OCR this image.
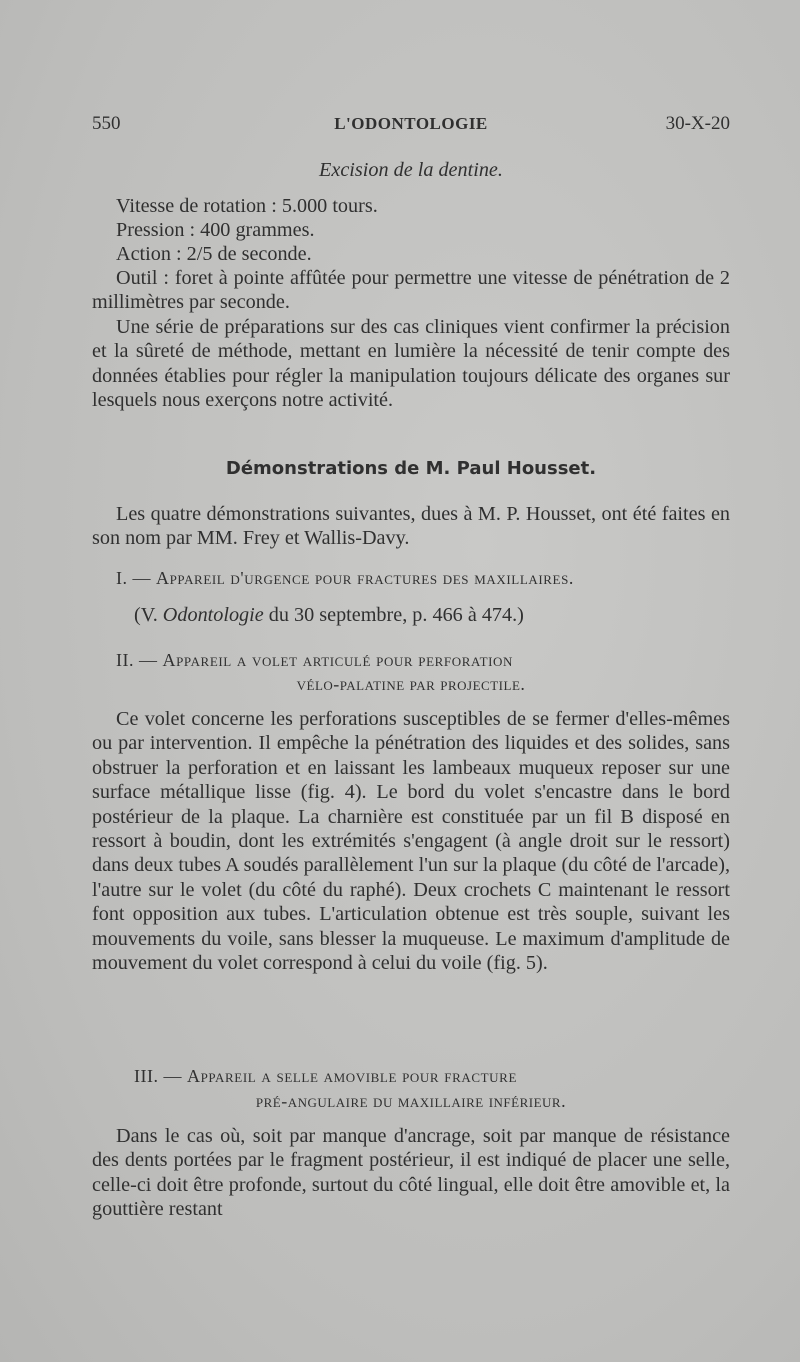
550	L'ODONTOLOGIE	30-X-20
Excision de la dentine.
Vitesse de rotation : 5.000 tours.
Pression : 400 grammes.
Action : 2/5 de seconde.
Outil : foret à pointe affûtée pour permettre une vitesse de pénétration de 2 millimètres par seconde.
Une série de préparations sur des cas cliniques vient confirmer la précision et la sûreté de méthode, mettant en lumière la nécessité de tenir compte des données établies pour régler la manipulation toujours délicate des organes sur lesquels nous exerçons notre activité.
Démonstrations de M. Paul Housset.
Les quatre démonstrations suivantes, dues à M. P. Housset, ont été faites en son nom par MM. Frey et Wallis-Davy.
I. — Appareil d'urgence pour fractures des maxillaires.
(V. Odontologie du 30 septembre, p. 466 à 474.)
II. — Appareil a volet articulé pour perforation
vélo-palatine par projectile.
Ce volet concerne les perforations susceptibles de se fermer d'elles-mêmes ou par intervention. Il empêche la pénétration des liquides et des solides, sans obstruer la perforation et en laissant les lambeaux muqueux reposer sur une surface métallique lisse (fig. 4). Le bord du volet s'encastre dans le bord postérieur de la plaque. La charnière est constituée par un fil B disposé en ressort à boudin, dont les extrémités s'engagent (à angle droit sur le ressort) dans deux tubes A soudés parallèlement l'un sur la plaque (du côté de l'arcade), l'autre sur le volet (du côté du raphé). Deux crochets C maintenant le ressort font opposition aux tubes. L'articulation obtenue est très souple, suivant les mouvements du voile, sans blesser la muqueuse. Le maximum d'amplitude de mouvement du volet correspond à celui du voile (fig. 5).
III. — Appareil a selle amovible pour fracture
pré-angulaire du maxillaire inférieur.
Dans le cas où, soit par manque d'ancrage, soit par manque de résistance des dents portées par le fragment postérieur, il est indiqué de placer une selle, celle-ci doit être profonde, surtout du côté lingual, elle doit être amovible et, la gouttière restant
